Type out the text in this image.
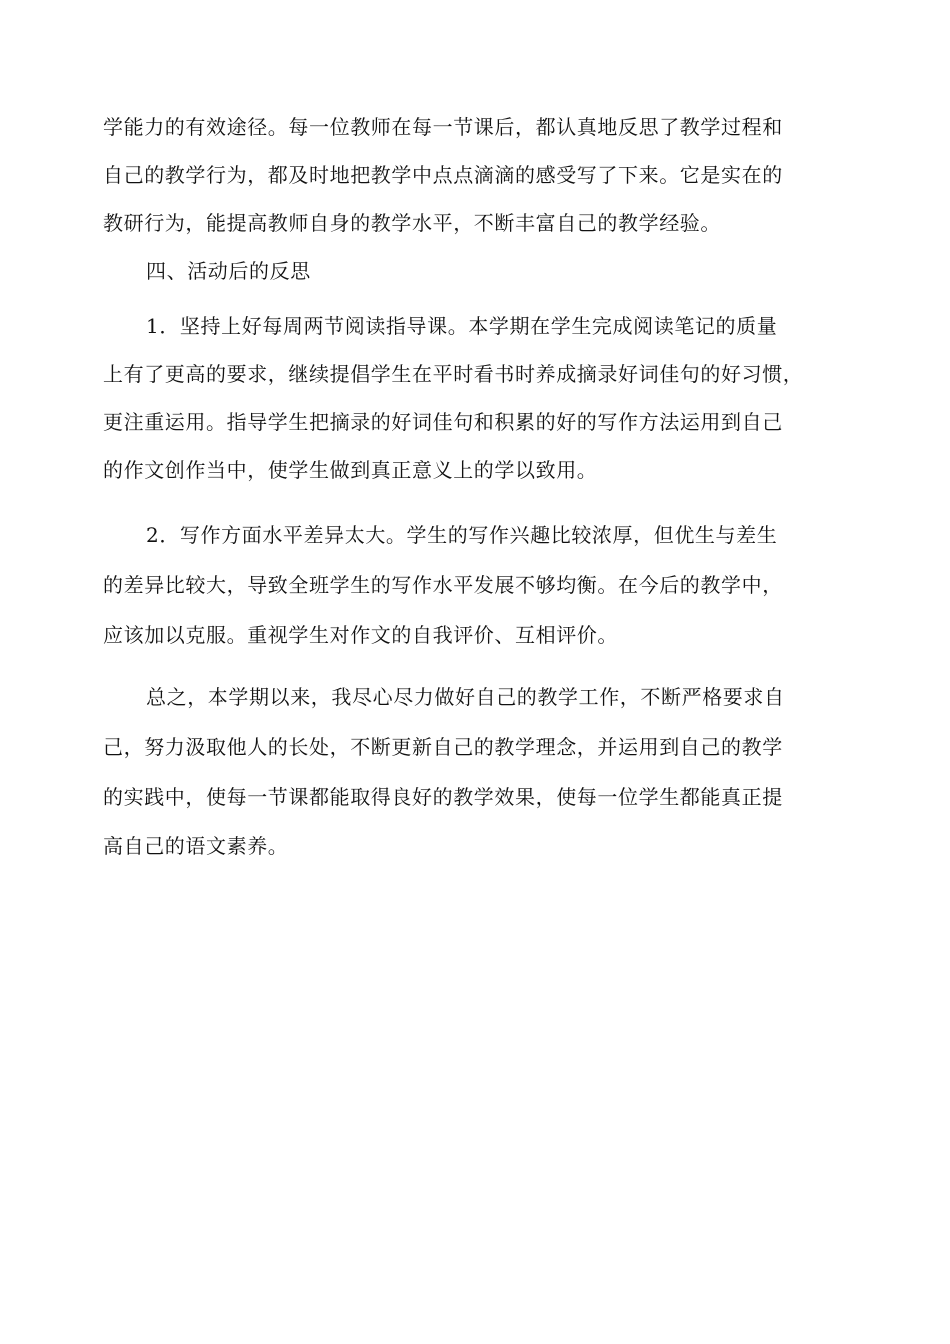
学能力的有效途径。每一位教师在每一节课后，都认真地反思了教学过程和
自己的教学行为，都及时地把教学中点点滴滴的感受写了下来。它是实在的
教研行为，能提高教师自身的教学水平，不断丰富自己的教学经验。
四、活动后的反思
1．坚持上好每周两节阅读指导课。本学期在学生完成阅读笔记的质量
上有了更高的要求，继续提倡学生在平时看书时养成摘录好词佳句的好习惯，
更注重运用。指导学生把摘录的好词佳句和积累的好的写作方法运用到自己
的作文创作当中，使学生做到真正意义上的学以致用。
2．写作方面水平差异太大。学生的写作兴趣比较浓厚，但优生与差生
的差异比较大，导致全班学生的写作水平发展不够均衡。在今后的教学中，
应该加以克服。重视学生对作文的自我评价、互相评价。
总之，本学期以来，我尽心尽力做好自己的教学工作，不断严格要求自
己，努力汲取他人的长处，不断更新自己的教学理念，并运用到自己的教学
的实践中，使每一节课都能取得良好的教学效果，使每一位学生都能真正提
高自己的语文素养。
